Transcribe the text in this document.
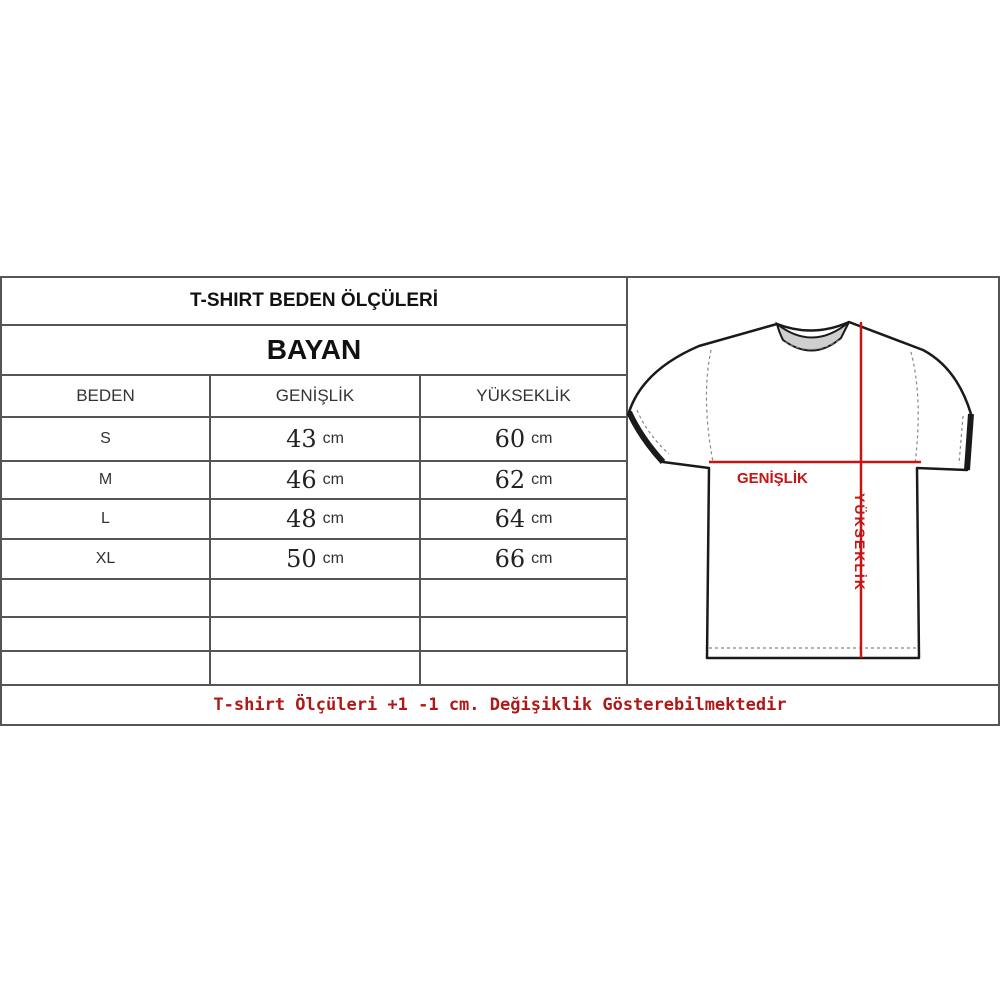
T-SHIRT BEDEN ÖLÇÜLERİ
BAYAN
BEDEN	GENİŞLİK	YÜKSEKLİK
S	43 cm	60 cm
M	46 cm	62 cm
L	48 cm	64 cm
XL	50 cm	66 cm
GENİŞLİK
YÜKSEKLİK
T-shirt Ölçüleri +1 -1 cm. Değişiklik Gösterebilmektedir
